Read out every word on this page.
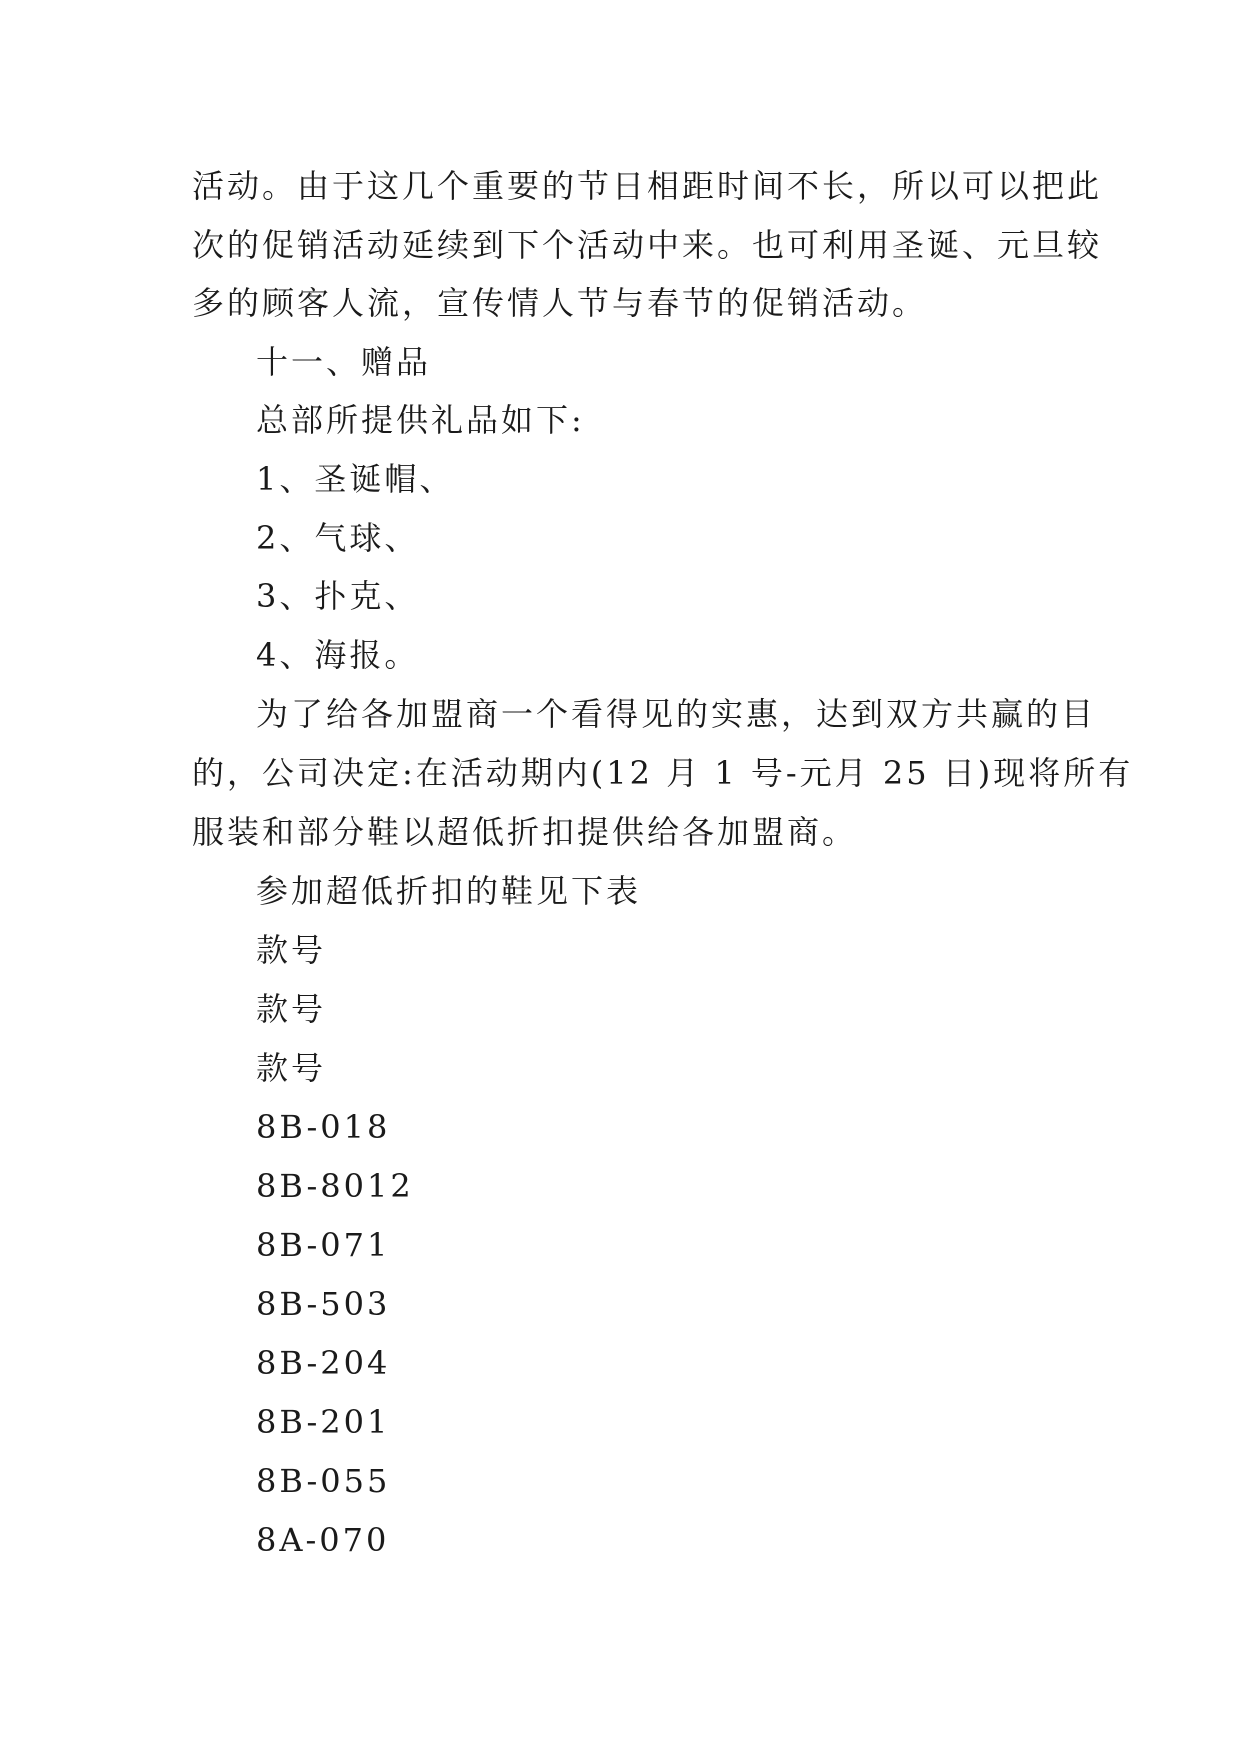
活动。由于这几个重要的节日相距时间不长，所以可以把此

次的促销活动延续到下个活动中来。也可利用圣诞、元旦较

多的顾客人流，宣传情人节与春节的促销活动。

十一、赠品

总部所提供礼品如下:

1、圣诞帽、

2、气球、

3、扑克、

4、海报。

为了给各加盟商一个看得见的实惠，达到双方共赢的目

的，公司决定:在活动期内(12 月 1 号-元月 25 日)现将所有

服装和部分鞋以超低折扣提供给各加盟商。

参加超低折扣的鞋见下表

款号

款号

款号

8B-018

8B-8012

8B-071

8B-503

8B-204

8B-201

8B-055

8A-070
